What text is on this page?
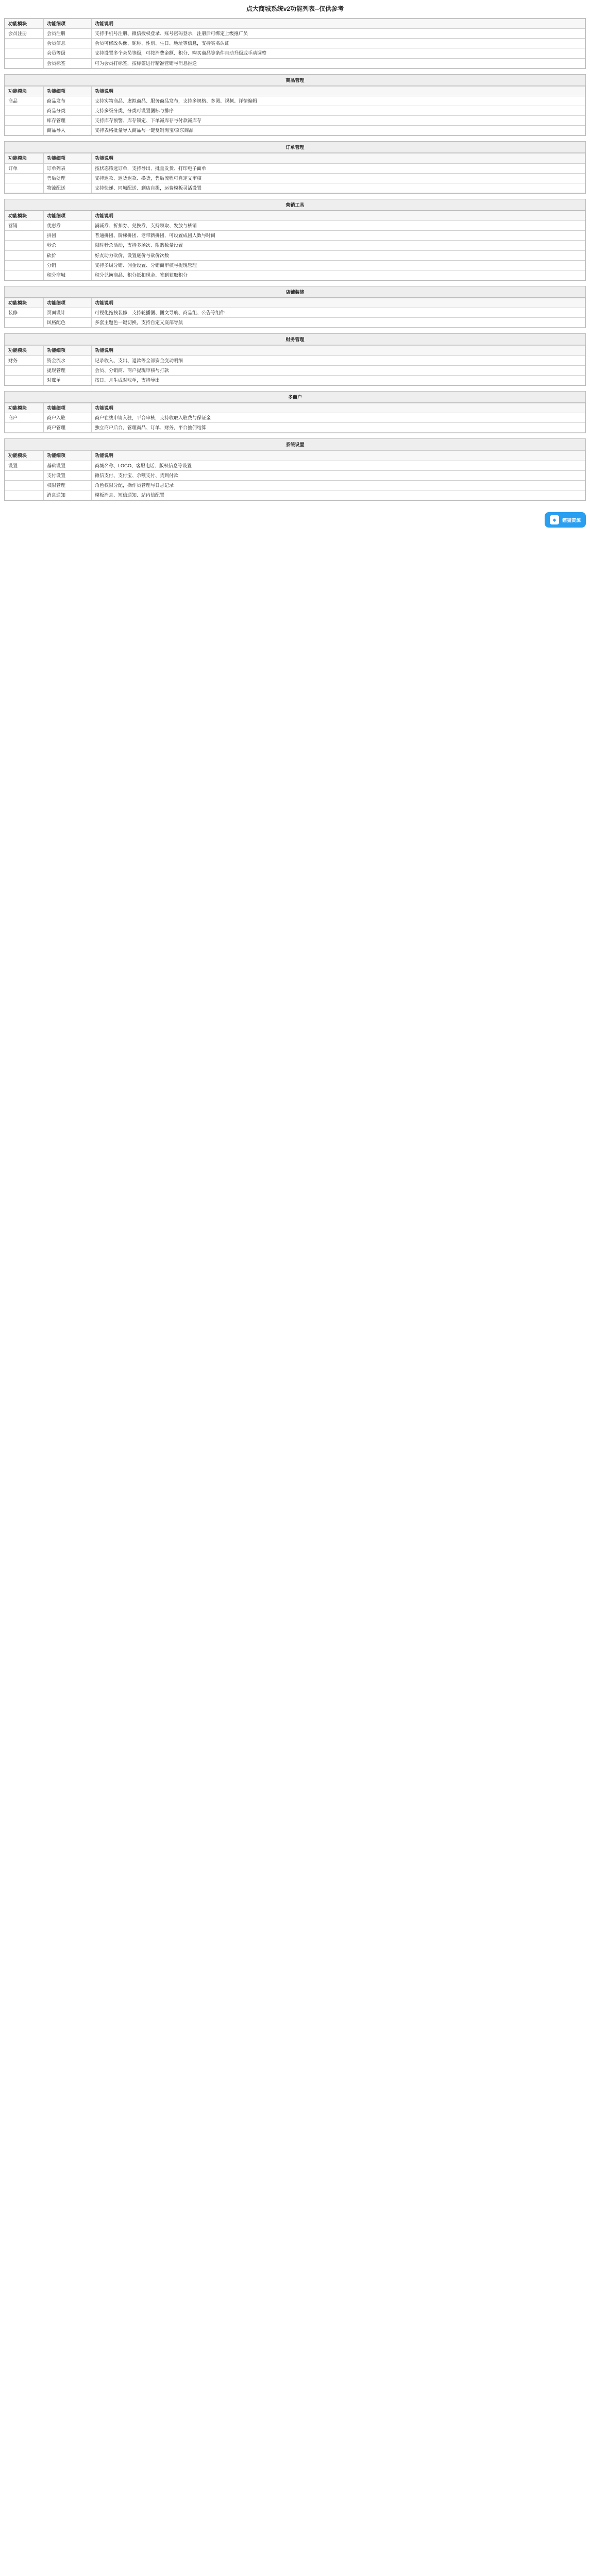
点大商城系统v2功能列表--仅供参考
功能模块	功能细项	功能说明
会员注册	会员注册	支持手机号注册、微信授权登录、账号密码登录，注册后可绑定上级推广员
	会员信息	会员可修改头像、昵称、性别、生日、地址等信息，支持实名认证
	会员等级	支持设置多个会员等级，可按消费金额、积分、购买商品等条件自动升级或手动调整
	会员标签	可为会员打标签，按标签进行精准营销与消息推送
商品管理
功能模块	功能细项	功能说明
商品	商品发布	支持实物商品、虚拟商品、服务商品发布，支持多规格、多图、视频、详情编辑
	商品分类	支持多级分类，分类可设置图标与排序
	库存管理	支持库存预警、库存锁定、下单减库存与付款减库存
	商品导入	支持表格批量导入商品与一键复制淘宝/京东商品
订单管理
功能模块	功能细项	功能说明
订单	订单列表	按状态筛选订单，支持导出、批量发货、打印电子面单
	售后处理	支持退款、退货退款、换货，售后流程可自定义审核
	物流配送	支持快递、同城配送、到店自提，运费模板灵活设置
营销工具
功能模块	功能细项	功能说明
营销	优惠券	满减券、折扣券、兑换券，支持领取、发放与核销
	拼团	普通拼团、阶梯拼团、老带新拼团，可设置成团人数与时间
	秒杀	限时秒杀活动，支持多场次、限购数量设置
	砍价	好友助力砍价，设置底价与砍价次数
	分销	支持多级分销、佣金设置、分销商审核与提现管理
	积分商城	积分兑换商品、积分抵扣现金、签到获取积分
店铺装修
功能模块	功能细项	功能说明
装修	页面设计	可视化拖拽装修，支持轮播图、图文导航、商品组、公告等组件
	风格配色	多套主题色一键切换，支持自定义底部导航
财务管理
功能模块	功能细项	功能说明
财务	资金流水	记录收入、支出、退款等全部资金变动明细
	提现管理	会员、分销商、商户提现审核与打款
	对账单	按日、月生成对账单，支持导出
多商户
功能模块	功能细项	功能说明
商户	商户入驻	商户在线申请入驻，平台审核，支持收取入驻费与保证金
	商户管理	独立商户后台，管理商品、订单、财务，平台抽佣结算
系统设置
功能模块	功能细项	功能说明
设置	基础设置	商城名称、LOGO、客服电话、版权信息等设置
	支付设置	微信支付、支付宝、余额支付、货到付款
	权限管理	角色权限分配，操作员管理与日志记录
	消息通知	模板消息、短信通知、站内信配置
◆	猫猫资源
